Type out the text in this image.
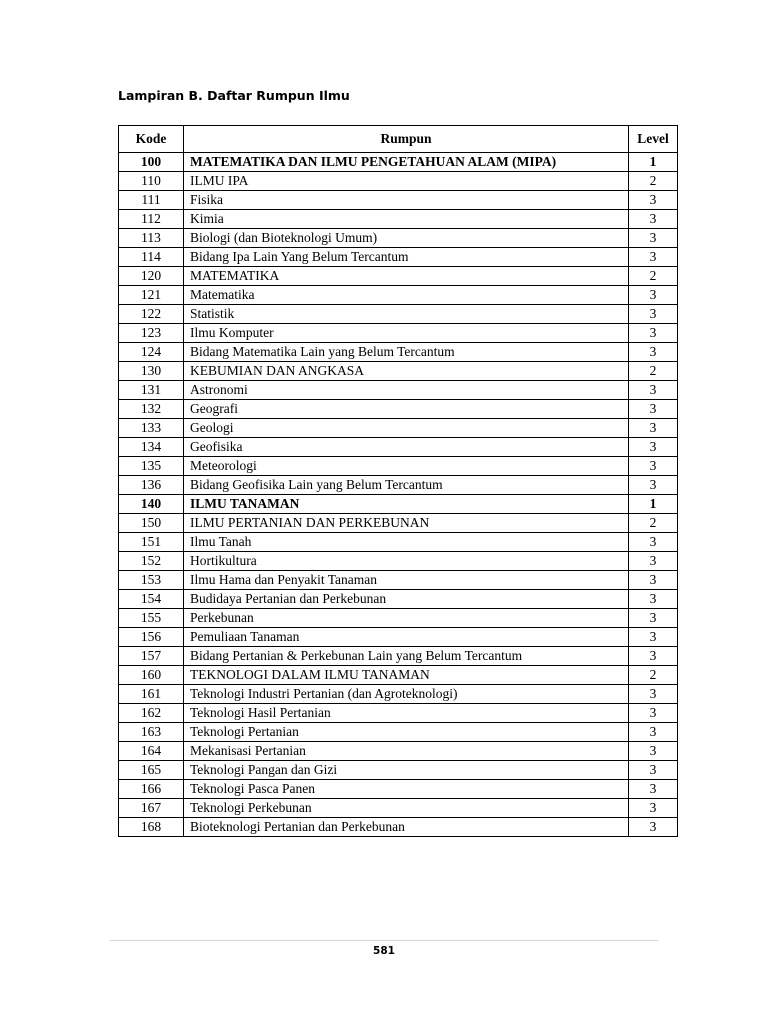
Lampiran B. Daftar Rumpun Ilmu
Kode	Rumpun	Level
100	MATEMATIKA DAN ILMU PENGETAHUAN ALAM (MIPA)	1
110	ILMU IPA	2
111	Fisika	3
112	Kimia	3
113	Biologi (dan Bioteknologi Umum)	3
114	Bidang Ipa Lain Yang Belum Tercantum	3
120	MATEMATIKA	2
121	Matematika	3
122	Statistik	3
123	Ilmu Komputer	3
124	Bidang Matematika Lain yang Belum Tercantum	3
130	KEBUMIAN DAN ANGKASA	2
131	Astronomi	3
132	Geografi	3
133	Geologi	3
134	Geofisika	3
135	Meteorologi	3
136	Bidang Geofisika Lain yang Belum Tercantum	3
140	ILMU TANAMAN	1
150	ILMU PERTANIAN DAN PERKEBUNAN	2
151	Ilmu Tanah	3
152	Hortikultura	3
153	Ilmu Hama dan Penyakit Tanaman	3
154	Budidaya Pertanian dan Perkebunan	3
155	Perkebunan	3
156	Pemuliaan Tanaman	3
157	Bidang Pertanian & Perkebunan Lain yang Belum Tercantum	3
160	TEKNOLOGI DALAM ILMU TANAMAN	2
161	Teknologi Industri Pertanian (dan Agroteknologi)	3
162	Teknologi Hasil Pertanian	3
163	Teknologi Pertanian	3
164	Mekanisasi Pertanian	3
165	Teknologi Pangan dan Gizi	3
166	Teknologi Pasca Panen	3
167	Teknologi Perkebunan	3
168	Bioteknologi Pertanian dan Perkebunan	3
581
